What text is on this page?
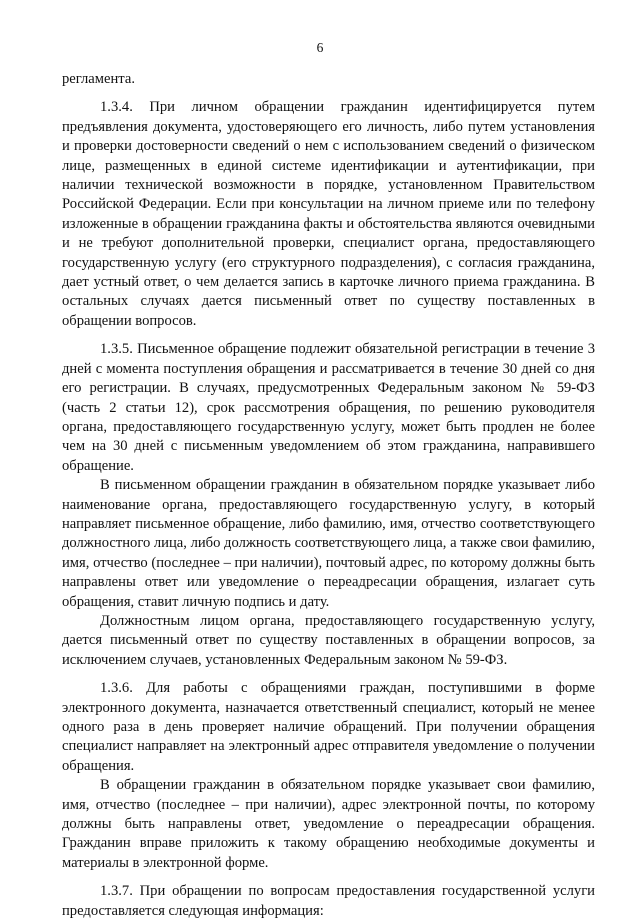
6

регламента.

1.3.4. При личном обращении гражданин идентифицируется путем предъявления документа, удостоверяющего его личность, либо путем установления и проверки достоверности сведений о нем с использованием сведений о физическом лице, размещенных в единой системе идентификации и аутентификации, при наличии технической возможности в порядке, установленном Правительством Российской Федерации. Если при консультации на личном приеме или по телефону изложенные в обращении гражданина факты и обстоятельства являются очевидными и не требуют дополнительной проверки, специалист органа, предоставляющего государственную услугу (его структурного подразделения), с согласия гражданина, дает устный ответ, о чем делается запись в карточке личного приема гражданина. В остальных случаях дается письменный ответ по существу поставленных в обращении вопросов.

1.3.5. Письменное обращение подлежит обязательной регистрации в течение 3 дней с момента поступления обращения и рассматривается в течение 30 дней со дня его регистрации. В случаях, предусмотренных Федеральным законом № 59-ФЗ (часть 2 статьи 12), срок рассмотрения обращения, по решению руководителя органа, предоставляющего государственную услугу, может быть продлен не более чем на 30 дней с письменным уведомлением об этом гражданина, направившего обращение.

В письменном обращении гражданин в обязательном порядке указывает либо наименование органа, предоставляющего государственную услугу, в который направляет письменное обращение, либо фамилию, имя, отчество соответствующего должностного лица, либо должность соответствующего лица, а также свои фамилию, имя, отчество (последнее – при наличии), почтовый адрес, по которому должны быть направлены ответ или уведомление о переадресации обращения, излагает суть обращения, ставит личную подпись и дату.

Должностным лицом органа, предоставляющего государственную услугу, дается письменный ответ по существу поставленных в обращении вопросов, за исключением случаев, установленных Федеральным законом № 59-ФЗ.

1.3.6. Для работы с обращениями граждан, поступившими в форме электронного документа, назначается ответственный специалист, который не менее одного раза в день проверяет наличие обращений. При получении обращения специалист направляет на электронный адрес отправителя уведомление о получении обращения.

В обращении гражданин в обязательном порядке указывает свои фамилию, имя, отчество (последнее – при наличии), адрес электронной почты, по которому должны быть направлены ответ, уведомление о переадресации обращения. Гражданин вправе приложить к такому обращению необходимые документы и материалы в электронной форме.

1.3.7. При обращении по вопросам предоставления государственной услуги предоставляется следующая информация:
